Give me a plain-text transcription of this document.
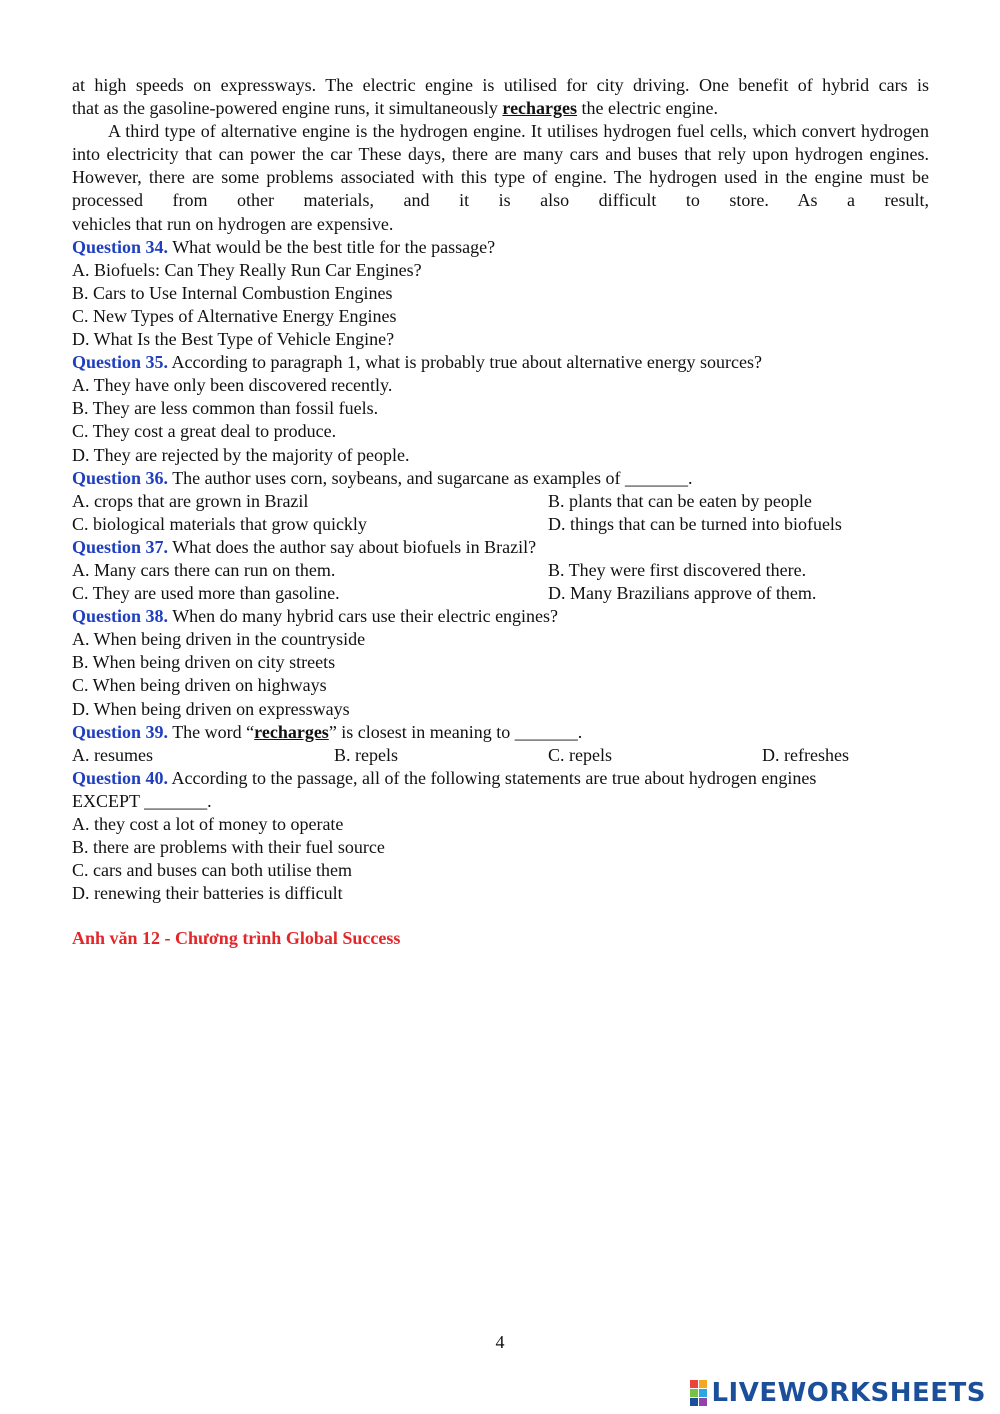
at high speeds on expressways. The electric engine is utilised for city driving. One benefit of hybrid cars is
that as the gasoline-powered engine runs, it simultaneously recharges the electric engine.
A third type of alternative engine is the hydrogen engine. It utilises hydrogen fuel cells, which convert hydrogen into electricity that can power the car These days, there are many cars and buses that rely upon hydrogen engines. However, there are some problems associated with this type of engine. The hydrogen used in the engine must be processed from other materials, and it is also difficult to store. As a result,
vehicles that run on hydrogen are expensive.
Question 34. What would be the best title for the passage?
A. Biofuels: Can They Really Run Car Engines?
B. Cars to Use Internal Combustion Engines
C. New Types of Alternative Energy Engines
D. What Is the Best Type of Vehicle Engine?
Question 35. According to paragraph 1, what is probably true about alternative energy sources?
A. They have only been discovered recently.
B. They are less common than fossil fuels.
C. They cost a great deal to produce.
D. They are rejected by the majority of people.
Question 36. The author uses corn, soybeans, and sugarcane as examples of _______.
A. crops that are grown in Brazil	B. plants that can be eaten by people
C. biological materials that grow quickly	D. things that can be turned into biofuels
Question 37. What does the author say about biofuels in Brazil?
A. Many cars there can run on them.	B. They were first discovered there.
C. They are used more than gasoline.	D. Many Brazilians approve of them.
Question 38. When do many hybrid cars use their electric engines?
A. When being driven in the countryside
B. When being driven on city streets
C. When being driven on highways
D. When being driven on expressways
Question 39. The word “recharges” is closest in meaning to _______.
A. resumes	B. repels	C. repels	D. refreshes
Question 40. According to the passage, all of the following statements are true about hydrogen engines
EXCEPT _______.
A. they cost a lot of money to operate
B. there are problems with their fuel source
C. cars and buses can both utilise them
D. renewing their batteries is difficult
Anh văn 12 - Chương trình Global Success
4
LIVEWORKSHEETS
